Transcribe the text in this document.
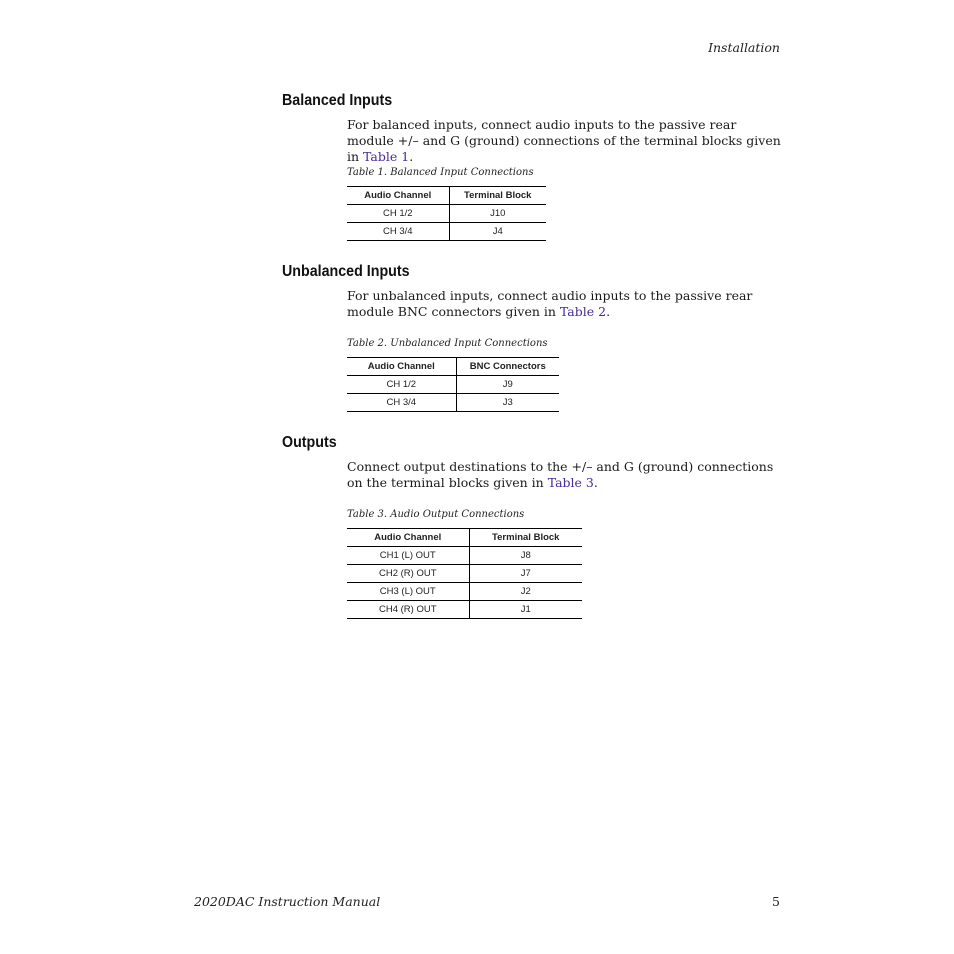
Installation
Balanced Inputs
For balanced inputs, connect audio inputs to the passive rear module +/– and G (ground) connections of the terminal blocks given in Table 1.
Table 1. Balanced Input Connections
Audio Channel	Terminal Block
CH 1/2	J10
CH 3/4	J4
Unbalanced Inputs
For unbalanced inputs, connect audio inputs to the passive rear module BNC connectors given in Table 2.
Table 2. Unbalanced Input Connections
Audio Channel	BNC Connectors
CH 1/2	J9
CH 3/4	J3
Outputs
Connect output destinations to the +/– and G (ground) connections on the terminal blocks given in Table 3.
Table 3. Audio Output Connections
Audio Channel	Terminal Block
CH1 (L) OUT	J8
CH2 (R) OUT	J7
CH3 (L) OUT	J2
CH4 (R) OUT	J1
2020DAC Instruction Manual	5
